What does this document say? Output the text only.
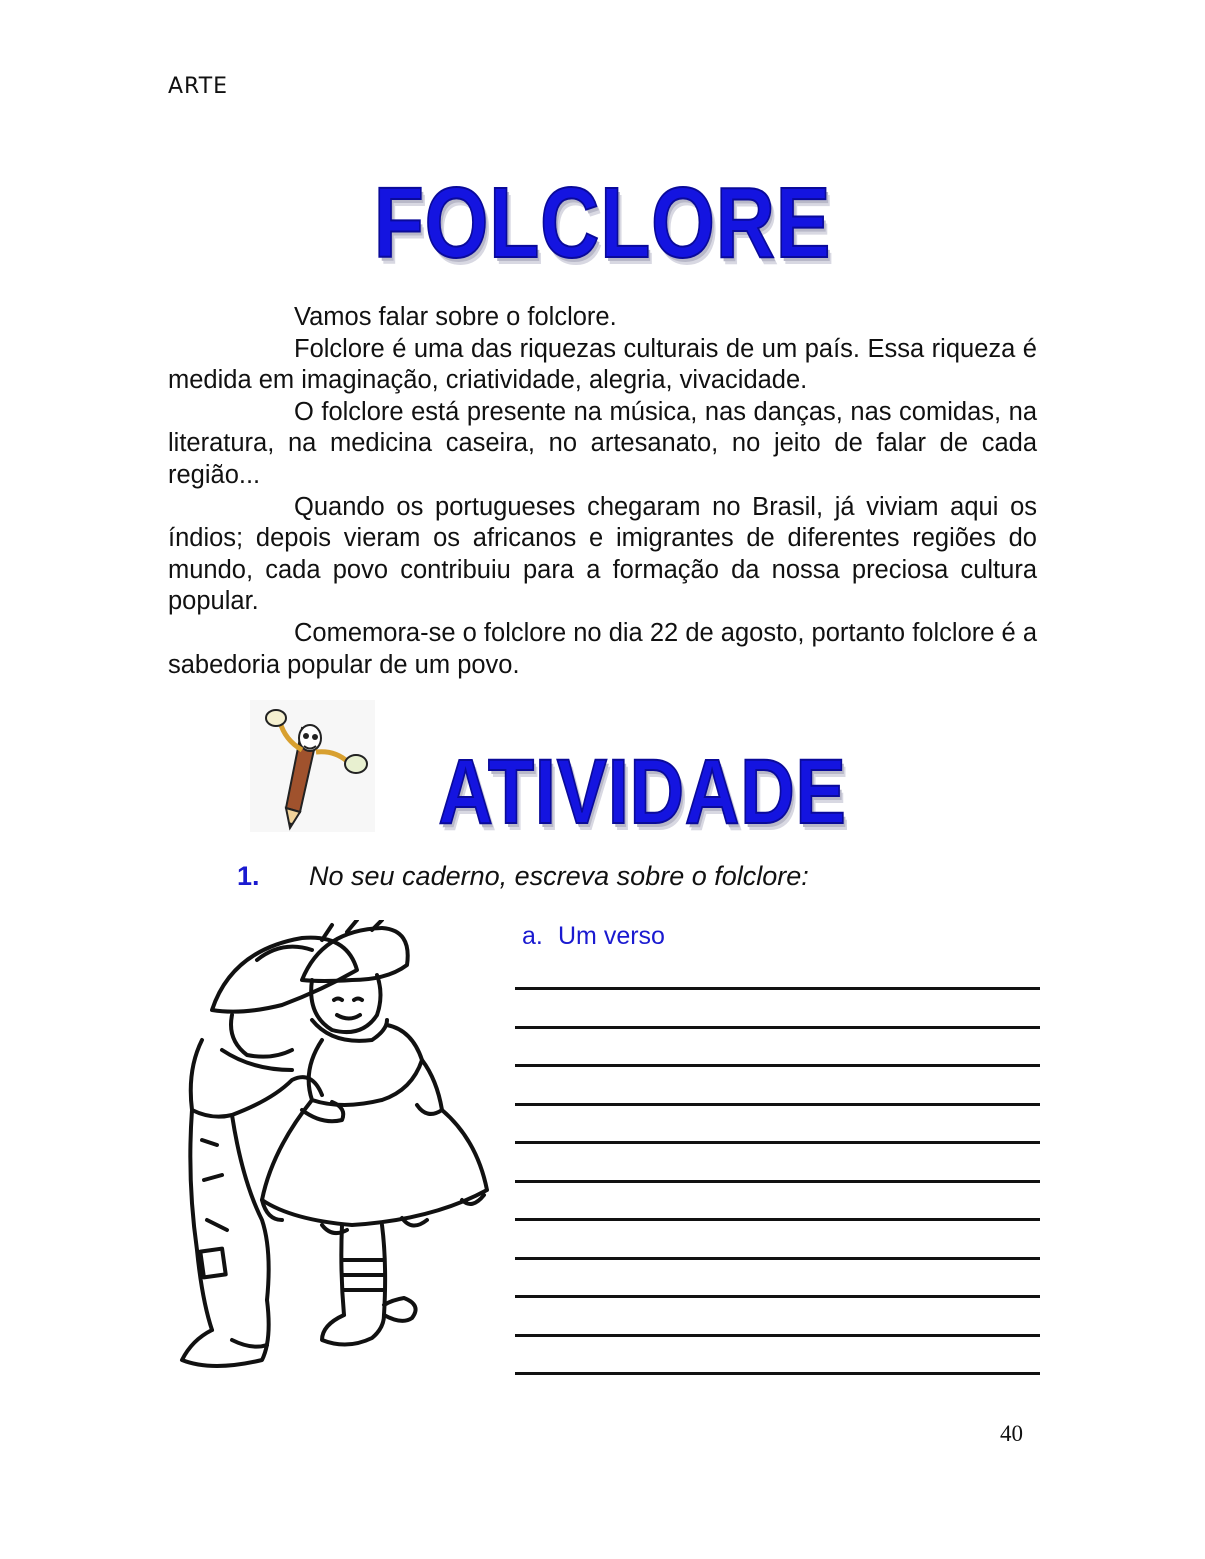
ARTE
FOLCLORE

Vamos falar sobre o folclore.

Folclore é uma das riquezas culturais de um país. Essa riqueza é medida em imaginação, criatividade, alegria, vivacidade.

O folclore está presente na música, nas danças, nas comidas, na literatura, na medicina caseira, no artesanato, no jeito de falar de cada região...

Quando os portugueses chegaram no Brasil, já viviam aqui os índios; depois vieram os africanos e imigrantes de diferentes regiões do mundo, cada povo contribuiu para a formação da nossa preciosa cultura popular.

Comemora-se o folclore no dia 22 de agosto, portanto folclore é a sabedoria popular de um povo.

ATIVIDADE
1. No seu caderno, escreva sobre o folclore:
a. Um verso
40
